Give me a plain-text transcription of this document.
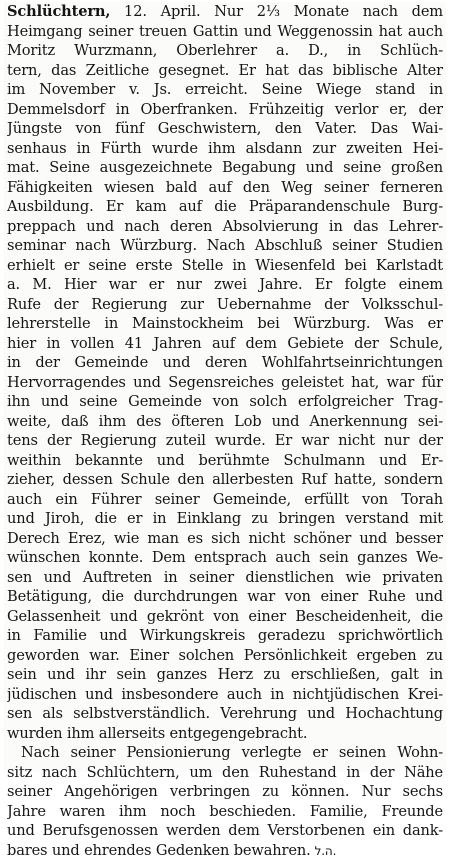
Schlüchtern, 12. April. Nur 2⅓ Monate nach dem
Heimgang seiner treuen Gattin und Weggenossin hat auch
Moritz Wurzmann, Oberlehrer a. D., in Schlüch-
tern, das Zeitliche gesegnet. Er hat das biblische Alter
im November v. Js. erreicht. Seine Wiege stand in
Demmelsdorf in Oberfranken. Frühzeitig verlor er, der
Jüngste von fünf Geschwistern, den Vater. Das Wai-
senhaus in Fürth wurde ihm alsdann zur zweiten Hei-
mat. Seine ausgezeichnete Begabung und seine großen
Fähigkeiten wiesen bald auf den Weg seiner ferneren
Ausbildung. Er kam auf die Präparandenschule Burg-
preppach und nach deren Absolvierung in das Lehrer-
seminar nach Würzburg. Nach Abschluß seiner Studien
erhielt er seine erste Stelle in Wiesenfeld bei Karlstadt
a. M. Hier war er nur zwei Jahre. Er folgte einem
Rufe der Regierung zur Uebernahme der Volksschul-
lehrerstelle in Mainstockheim bei Würzburg. Was er
hier in vollen 41 Jahren auf dem Gebiete der Schule,
in der Gemeinde und deren Wohlfahrtseinrichtungen
Hervorragendes und Segensreiches geleistet hat, war für
ihn und seine Gemeinde von solch erfolgreicher Trag-
weite, daß ihm des öfteren Lob und Anerkennung sei-
tens der Regierung zuteil wurde. Er war nicht nur der
weithin bekannte und berühmte Schulmann und Er-
zieher, dessen Schule den allerbesten Ruf hatte, sondern
auch ein Führer seiner Gemeinde, erfüllt von Torah
und Jiroh, die er in Einklang zu bringen verstand mit
Derech Erez, wie man es sich nicht schöner und besser
wünschen konnte. Dem entsprach auch sein ganzes We-
sen und Auftreten in seiner dienstlichen wie privaten
Betätigung, die durchdrungen war von einer Ruhe und
Gelassenheit und gekrönt von einer Bescheidenheit, die
in Familie und Wirkungskreis geradezu sprichwörtlich
geworden war. Einer solchen Persönlichkeit ergeben zu
sein und ihr sein ganzes Herz zu erschließen, galt in
jüdischen und insbesondere auch in nichtjüdischen Krei-
sen als selbstverständlich. Verehrung und Hochachtung
wurden ihm allerseits entgegengebracht.
Nach seiner Pensionierung verlegte er seinen Wohn-
sitz nach Schlüchtern, um den Ruhestand in der Nähe
seiner Angehörigen verbringen zu können. Nur sechs
Jahre waren ihm noch beschieden. Familie, Freunde
und Berufsgenossen werden dem Verstorbenen ein dank-
bares und ehrendes Gedenken bewahren. ה.ל.
